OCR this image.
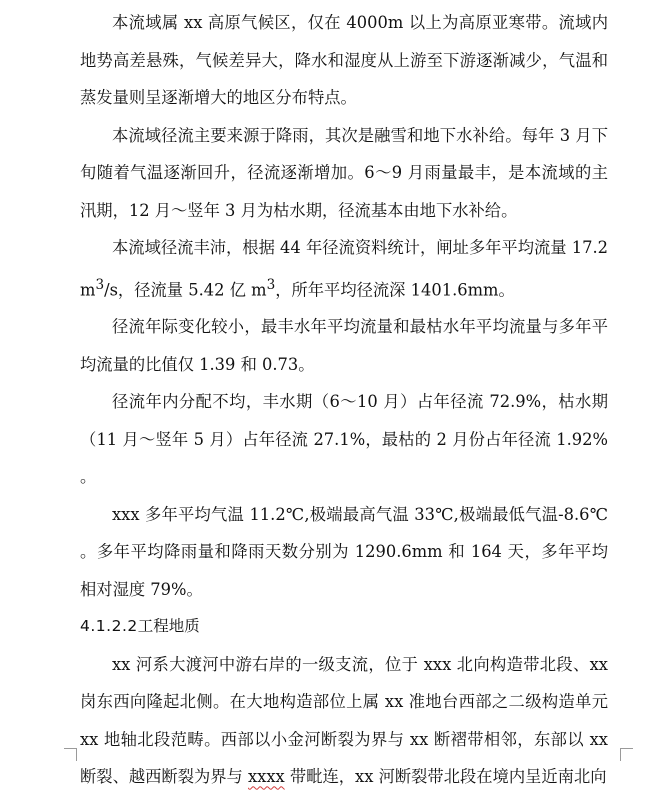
本流域属 xx 高原气候区，仅在 4000m 以上为高原亚寒带。流域内地势高差悬殊，气候差异大，降水和湿度从上游至下游逐渐减少，气温和蒸发量则呈逐渐增大的地区分布特点。

本流域径流主要来源于降雨，其次是融雪和地下水补给。每年 3 月下旬随着气温逐渐回升，径流逐渐增加。6～9 月雨量最丰，是本流域的主汛期，12 月～竖年 3 月为枯水期，径流基本由地下水补给。

本流域径流丰沛，根据 44 年径流资料统计，闸址多年平均流量 $17.2m^3/s$，径流量 5.42 亿 $m^3$，所年平均径流深 1401.6mm。

径流年际变化较小，最丰水年平均流量和最枯水年平均流量与多年平均流量的比值仅 1.39 和 0.73。

径流年内分配不均，丰水期（6～10 月）占年径流 72.9%，枯水期（11 月～竖年 5 月）占年径流 27.1%，最枯的 2 月份占年径流 1.92%。

xxx 多年平均气温 11.2℃,极端最高气温 33℃,极端最低气温-8.6℃。多年平均降雨量和降雨天数分别为 1290.6mm 和 164 天，多年平均相对湿度 79%。

4.1.2.2工程地质

xx 河系大渡河中游右岸的一级支流，位于 xxx 北向构造带北段、xx 岗东西向隆起北侧。在大地构造部位上属 xx 准地台西部之二级构造单元 xx 地轴北段范畴。西部以小金河断裂为界与 xx 断褶带相邻，东部以 xx 断裂、越西断裂为界与 xxxx 带毗连，xx 河断裂带北段在境内呈近南北向
